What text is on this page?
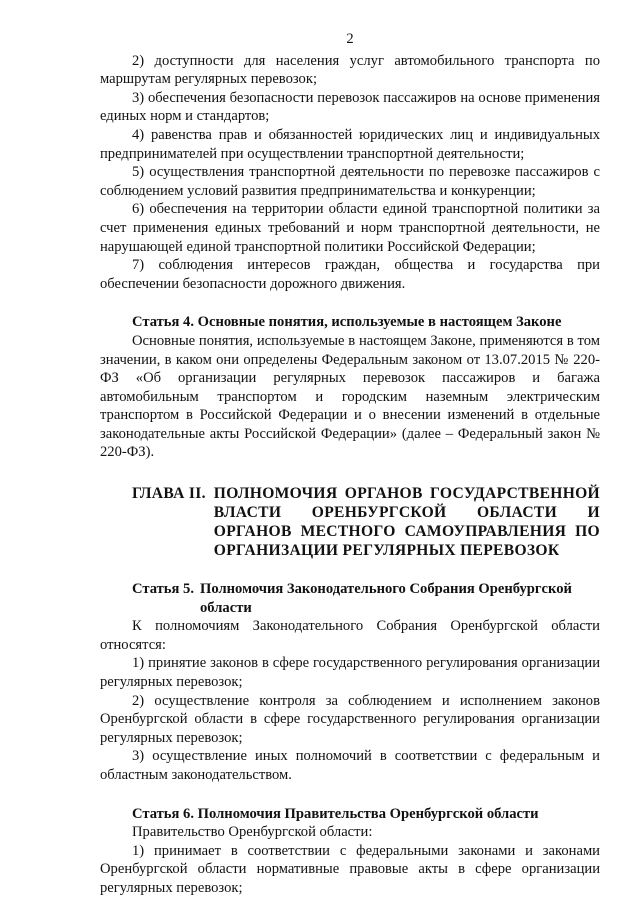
2

2) доступности для населения услуг автомобильного транспорта по маршрутам регулярных перевозок;

3) обеспечения безопасности перевозок пассажиров на основе применения единых норм и стандартов;

4) равенства прав и обязанностей юридических лиц и индивидуальных предпринимателей при осуществлении транспортной деятельности;

5) осуществления транспортной деятельности по перевозке пассажиров с соблюдением условий развития предпринимательства и конкуренции;

6) обеспечения на территории области единой транспортной политики за счет применения единых требований и норм транспортной деятельности, не нарушающей единой транспортной политики Российской Федерации;

7) соблюдения интересов граждан, общества и государства при обеспечении безопасности дорожного движения.

Статья 4. Основные понятия, используемые в настоящем Законе

Основные понятия, используемые в настоящем Законе, применяются в том значении, в каком они определены Федеральным законом от 13.07.2015 № 220-ФЗ «Об организации регулярных перевозок пассажиров и багажа автомобильным транспортом и городским наземным электрическим транспортом в Российской Федерации и о внесении изменений в отдельные законодательные акты Российской Федерации» (далее – Федеральный закон № 220-ФЗ).

ГЛАВА II. ПОЛНОМОЧИЯ ОРГАНОВ ГОСУДАРСТВЕННОЙ ВЛАСТИ ОРЕНБУРГСКОЙ ОБЛАСТИ И ОРГАНОВ МЕСТНОГО САМОУПРАВЛЕНИЯ ПО ОРГАНИЗАЦИИ РЕГУЛЯРНЫХ ПЕРЕВОЗОК
Статья 5. Полномочия Законодательного Собрания Оренбургской области

К полномочиям Законодательного Собрания Оренбургской области относятся:

1) принятие законов в сфере государственного регулирования организации регулярных перевозок;

2) осуществление контроля за соблюдением и исполнением законов Оренбургской области в сфере государственного регулирования организации регулярных перевозок;

3) осуществление иных полномочий в соответствии с федеральным и областным законодательством.

Статья 6. Полномочия Правительства Оренбургской области

Правительство Оренбургской области:

1) принимает в соответствии с федеральными законами и законами Оренбургской области нормативные правовые акты в сфере организации регулярных перевозок;
